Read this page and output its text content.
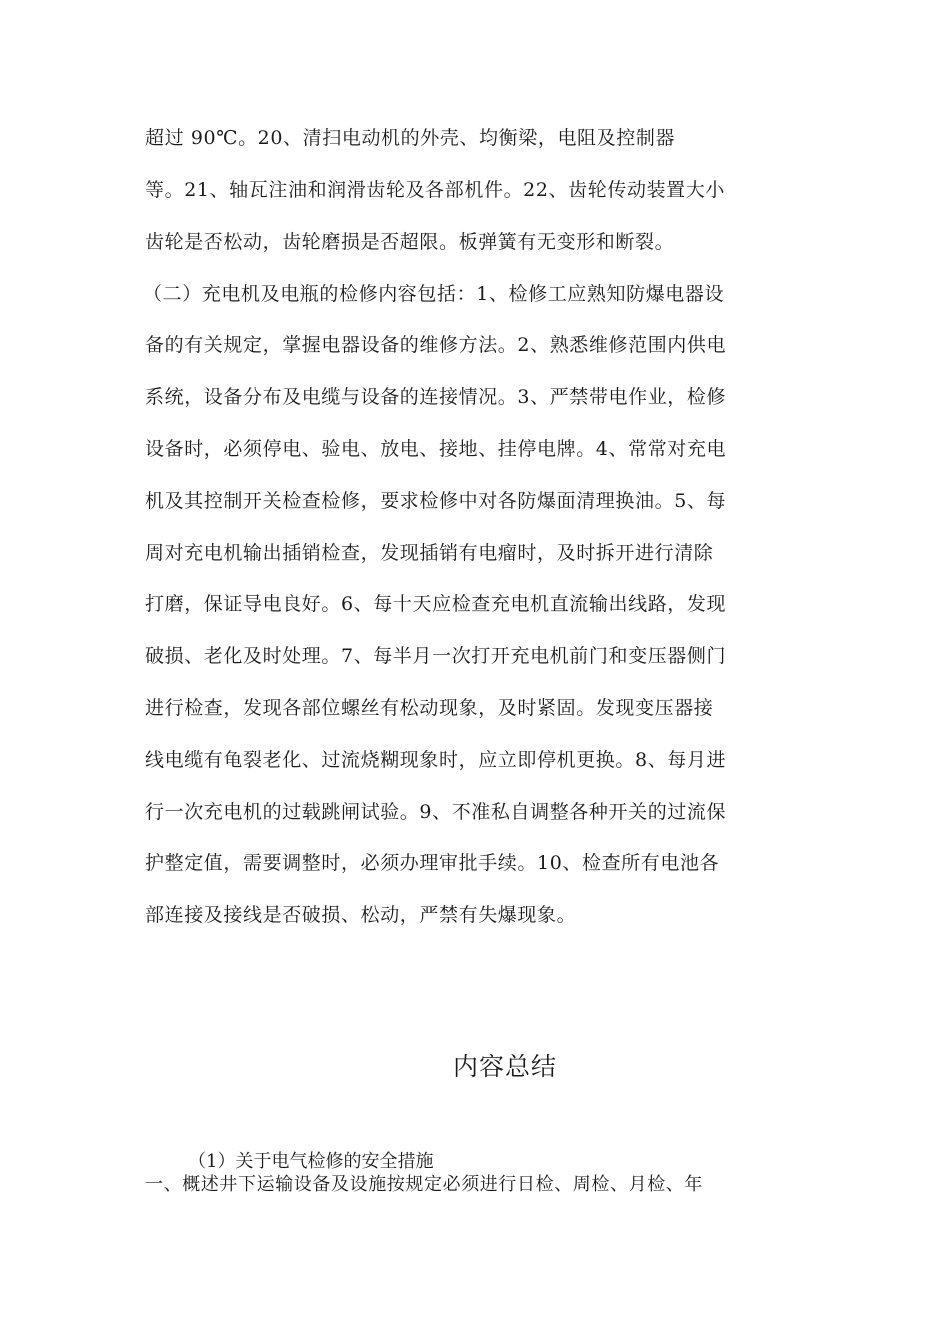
超过 90℃。20、清扫电动机的外壳、均衡梁，电阻及控制器
等。21、轴瓦注油和润滑齿轮及各部机件。22、齿轮传动装置大小
齿轮是否松动，齿轮磨损是否超限。板弹簧有无变形和断裂。
（二）充电机及电瓶的检修内容包括：1、检修工应熟知防爆电器设
备的有关规定，掌握电器设备的维修方法。2、熟悉维修范围内供电
系统，设备分布及电缆与设备的连接情况。3、严禁带电作业，检修
设备时，必须停电、验电、放电、接地、挂停电牌。4、常常对充电
机及其控制开关检查检修，要求检修中对各防爆面清理换油。5、每
周对充电机输出插销检查，发现插销有电瘤时，及时拆开进行清除
打磨，保证导电良好。6、每十天应检查充电机直流输出线路，发现
破损、老化及时处理。7、每半月一次打开充电机前门和变压器侧门
进行检查，发现各部位螺丝有松动现象，及时紧固。发现变压器接
线电缆有龟裂老化、过流烧糊现象时，应立即停机更换。8、每月进
行一次充电机的过载跳闸试验。9、不准私自调整各种开关的过流保
护整定值，需要调整时，必须办理审批手续。10、检查所有电池各
部连接及接线是否破损、松动，严禁有失爆现象。
内容总结
（1）关于电气检修的安全措施
一、概述井下运输设备及设施按规定必须进行日检、周检、月检、年
